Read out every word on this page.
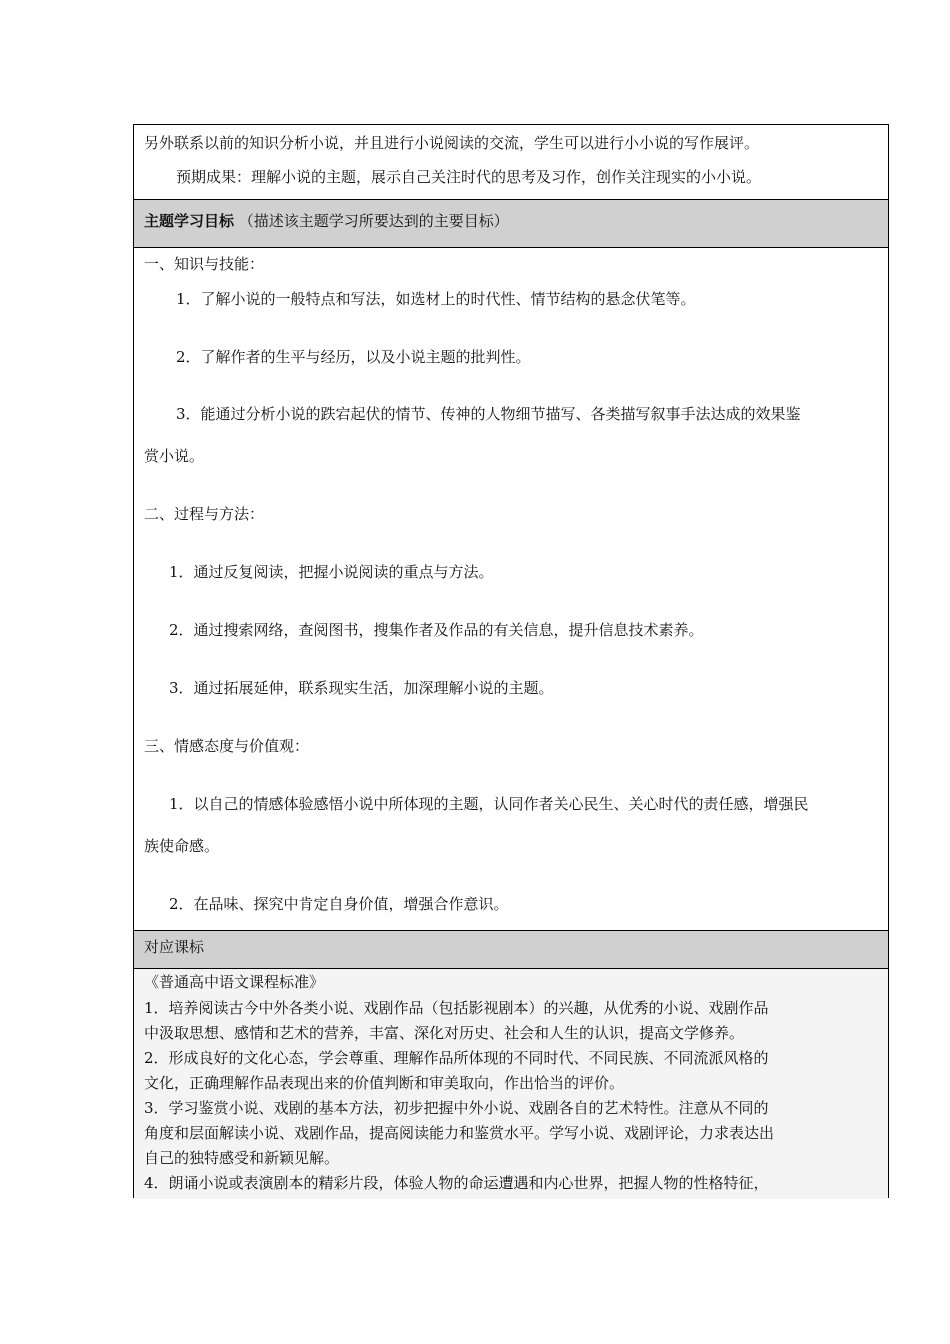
另外联系以前的知识分析小说，并且进行小说阅读的交流，学生可以进行小小说的写作展评。
预期成果：理解小说的主题，展示自己关注时代的思考及习作，创作关注现实的小小说。
主题学习目标 （描述该主题学习所要达到的主要目标）
一、知识与技能：
1．了解小说的一般特点和写法，如选材上的时代性、情节结构的悬念伏笔等。
2．了解作者的生平与经历，以及小说主题的批判性。
3．能通过分析小说的跌宕起伏的情节、传神的人物细节描写、各类描写叙事手法达成的效果鉴
赏小说。
二、过程与方法：
1．通过反复阅读，把握小说阅读的重点与方法。
2．通过搜索网络，查阅图书，搜集作者及作品的有关信息，提升信息技术素养。
3．通过拓展延伸，联系现实生活，加深理解小说的主题。
三、情感态度与价值观：
1．以自己的情感体验感悟小说中所体现的主题，认同作者关心民生、关心时代的责任感，增强民
族使命感。
2．在品味、探究中肯定自身价值，增强合作意识。
对应课标
《普通高中语文课程标准》
1．培养阅读古今中外各类小说、戏剧作品（包括影视剧本）的兴趣，从优秀的小说、戏剧作品
中汲取思想、感情和艺术的营养，丰富、深化对历史、社会和人生的认识，提高文学修养。
2．形成良好的文化心态，学会尊重、理解作品所体现的不同时代、不同民族、不同流派风格的
文化，正确理解作品表现出来的价值判断和审美取向，作出恰当的评价。
3．学习鉴赏小说、戏剧的基本方法，初步把握中外小说、戏剧各自的艺术特性。注意从不同的
角度和层面解读小说、戏剧作品，提高阅读能力和鉴赏水平。学写小说、戏剧评论，力求表达出
自己的独特感受和新颖见解。
4．朗诵小说或表演剧本的精彩片段，体验人物的命运遭遇和内心世界，把握人物的性格特征，
